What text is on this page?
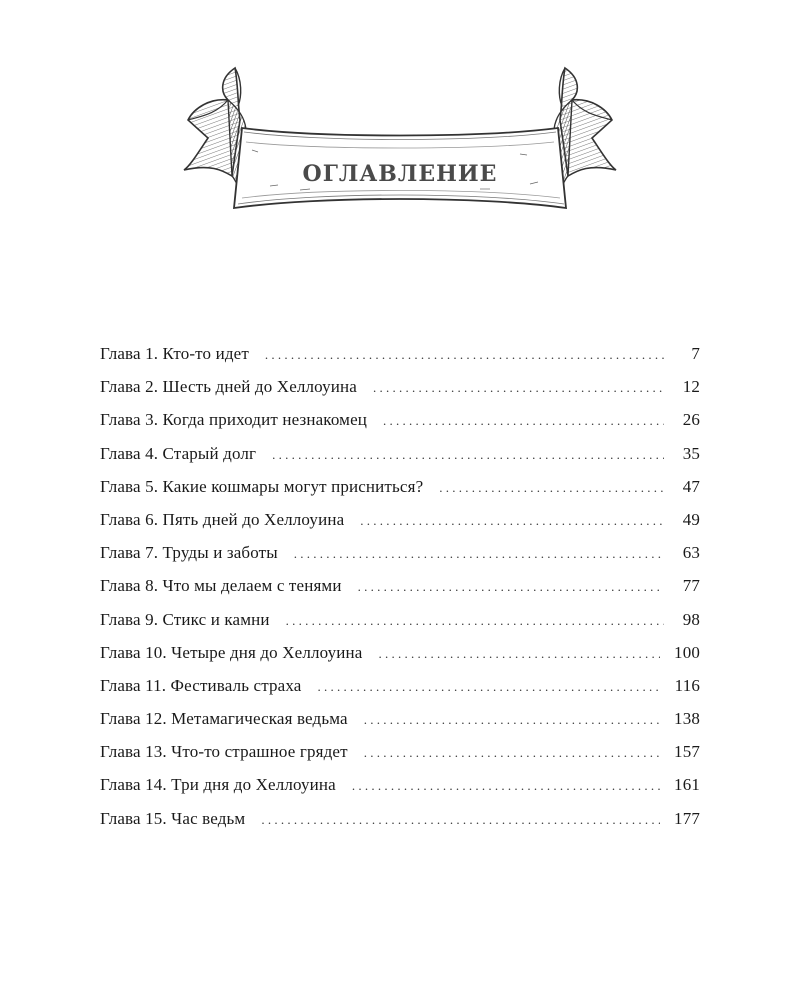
оглавление
Глава 1. Кто-то идет . . .	7
Глава 2. Шесть дней до Хеллоуина . . .	12
Глава 3. Когда приходит незнакомец . . .	26
Глава 4. Старый долг . . .	35
Глава 5. Какие кошмары могут присниться? . . .	47
Глава 6. Пять дней до Хеллоуина . . .	49
Глава 7. Труды и заботы . . .	63
Глава 8. Что мы делаем с тенями . . .	77
Глава 9. Стикс и камни . . .	98
Глава 10. Четыре дня до Хеллоуина . . .	100
Глава 11. Фестиваль страха . . .	116
Глава 12. Метамагическая ведьма . . .	138
Глава 13. Что-то страшное грядет . . .	157
Глава 14. Три дня до Хеллоуина . . .	161
Глава 15. Час ведьм . . .	177
